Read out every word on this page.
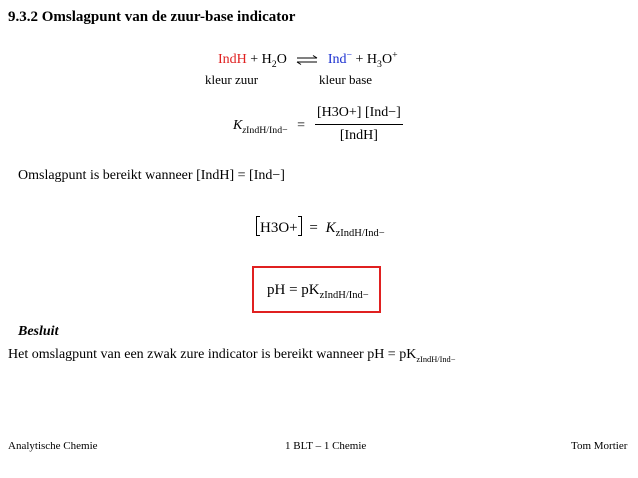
9.3.2 Omslagpunt van de zuur-base indicator
IndH + $H_2O$ ⇌ $Ind^- + H_3O^+$
kleur zuur	kleur base
$K_{zIndH/Ind-}$ =
[H3O+] [Ind−]
[IndH]
Omslagpunt is bereikt wanneer [IndH] = [Ind−]
$H3O+ = K_{zIndH/Ind-}$
pH = $pK_{zIndH/Ind-}$
Besluit
Het omslagpunt van een zwak zure indicator is bereikt wanneer pH = $pK_{zIndH/Ind-}$
Analytische Chemie	1 BLT – 1 Chemie	Tom Mortier
